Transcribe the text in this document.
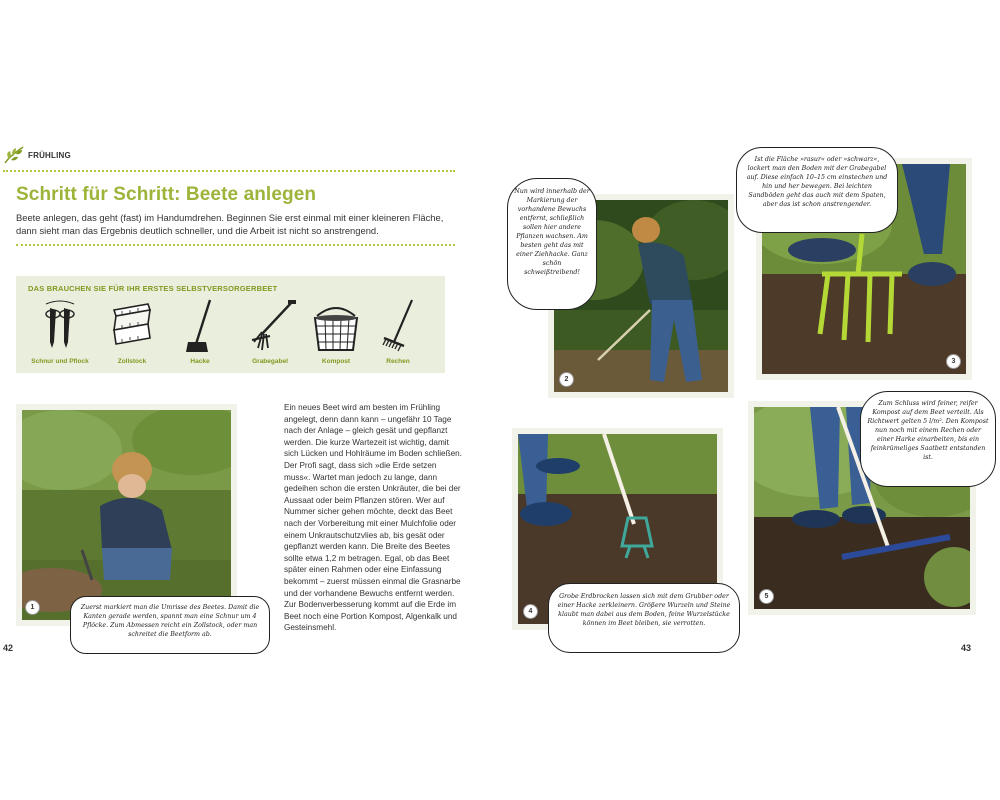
FRÜHLING
Schritt für Schritt: Beete anlegen
Beete anlegen, das geht (fast) im Handumdrehen. Beginnen Sie erst einmal mit einer kleineren Fläche, dann sieht man das Ergebnis deutlich schneller, und die Arbeit ist nicht so anstrengend.
DAS BRAUCHEN SIE FÜR IHR ERSTES SELBSTVERSORGERBEET
Schnur und Pflock	Zollstock	Hacke	Grabegabel	Kompost	Rechen
1	Zuerst markiert man die Umrisse des Beetes. Damit die Kanten gerade werden, spannt man eine Schnur um 4 Pflöcke. Zum Abmessen reicht ein Zollstock, oder man schreitet die Beetform ab.
Ein neues Beet wird am besten im Frühling angelegt, denn dann kann – ungefähr 10 Tage nach der Anlage – gleich gesät und gepflanzt werden. Die kurze Wartezeit ist wichtig, damit sich Lücken und Hohlräume im Boden schließen. Der Profi sagt, dass sich »die Erde setzen muss«. Wartet man jedoch zu lange, dann gedeihen schon die ersten Unkräuter, die bei der Aussaat oder beim Pflanzen stören. Wer auf Nummer sicher gehen möchte, deckt das Beet nach der Vorbereitung mit einer Mulchfolie oder einem Unkrautschutzvlies ab, bis gesät oder gepflanzt werden kann. Die Breite des Beetes sollte etwa 1,2 m betragen. Egal, ob das Beet später einen Rahmen oder eine Einfassung bekommt – zuerst müssen einmal die Grasnarbe und der vorhandene Bewuchs entfernt werden. Zur Bodenverbesserung kommt auf die Erde im Beet noch eine Portion Kompost, Algenkalk und Gesteinsmehl.
42
2
Nun wird innerhalb der Markierung der vorhandene Bewuchs entfernt, schließlich sollen hier andere Pflanzen wachsen. Am besten geht das mit einer Ziehhacke. Ganz schön schweißtreibend!
3
Ist die Fläche »rasur« oder »schwarz«, lockert man den Boden mit der Grabegabel auf. Diese einfach 10–15 cm einstechen und hin und her bewegen. Bei leichten Sandböden geht das auch mit dem Spaten, aber das ist schon anstrengender.
4
Grobe Erdbrocken lassen sich mit dem Grubber oder einer Hacke zerkleinern. Größere Wurzeln und Steine klaubt man dabei aus dem Boden, feine Wurzelstücke können im Beet bleiben, sie verrotten.
5
Zum Schluss wird feiner, reifer Kompost auf dem Beet verteilt. Als Richtwert gelten 5 l/m². Den Kompost nun noch mit einem Rechen oder einer Harke einarbeiten, bis ein feinkrümeliges Saatbett entstanden ist.
43
